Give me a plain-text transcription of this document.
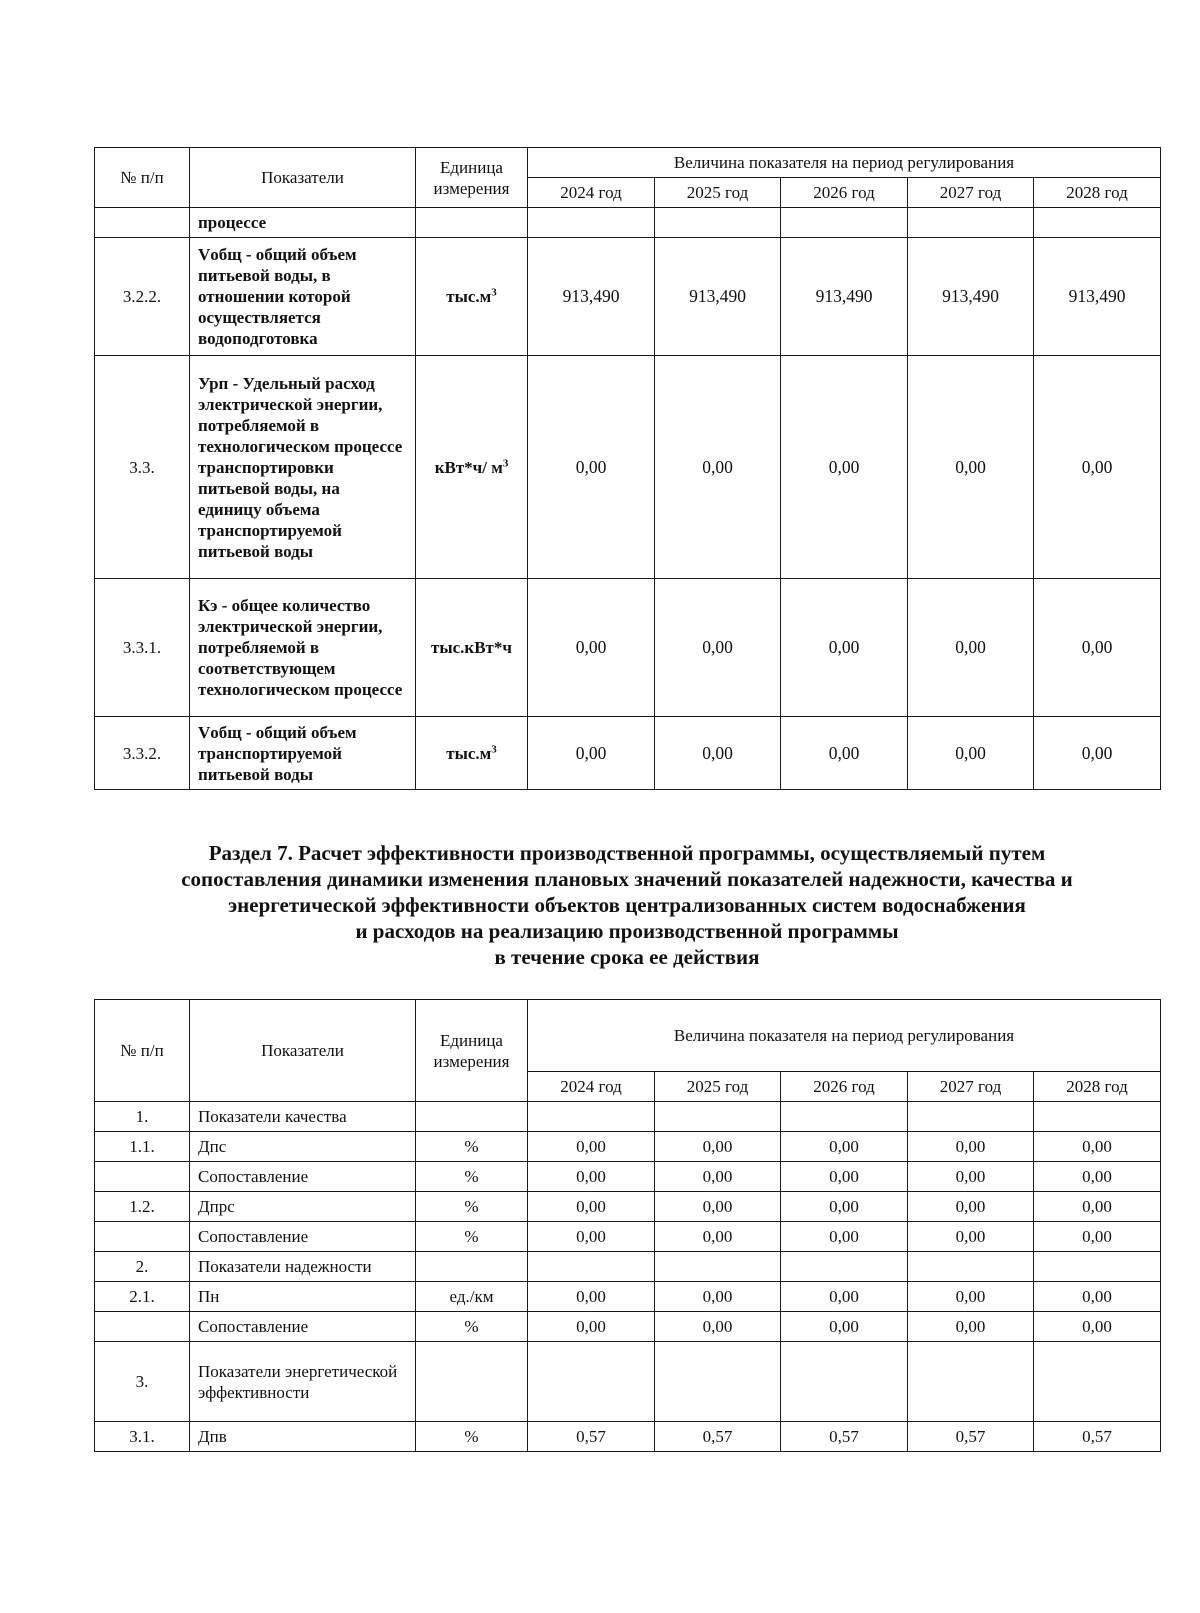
№ п/п	Показатели	Единица
измерения	Величина показателя на период регулирования				
			2024 год	2025 год	2026 год	2027 год	2028 год
	процессе						
3.2.2.	Vобщ - общий объем питьевой воды, в отношении которой осуществляется водоподготовка	$тыс.м^3$	913,490	913,490	913,490	913,490	913,490
3.3.	Урп - Удельный расход электрической энергии, потребляемой в технологическом процессе транспортировки питьевой воды, на единицу объема транспортируемой питьевой воды	кВт*ч/ $м^3$	0,00	0,00	0,00	0,00	0,00
3.3.1.	Кэ - общее количество электрической энергии, потребляемой в соответствующем технологическом процессе	тыс.кВт*ч	0,00	0,00	0,00	0,00	0,00
3.3.2.	Vобщ - общий объем транспортируемой питьевой воды	$тыс.м^3$	0,00	0,00	0,00	0,00	0,00
Раздел 7. Расчет эффективности производственной программы, осуществляемый путем
сопоставления динамики изменения плановых значений показателей надежности, качества и
энергетической эффективности объектов централизованных систем водоснабжения
и расходов на реализацию производственной программы
в течение срока ее действия
№ п/п	Показатели	Единица
измерения	Величина показателя на период регулирования				
			2024 год	2025 год	2026 год	2027 год	2028 год
1.	Показатели качества						
1.1.	Дпс	%	0,00	0,00	0,00	0,00	0,00
	Сопоставление	%	0,00	0,00	0,00	0,00	0,00
1.2.	Дпрс	%	0,00	0,00	0,00	0,00	0,00
	Сопоставление	%	0,00	0,00	0,00	0,00	0,00
2.	Показатели надежности						
2.1.	Пн	ед./км	0,00	0,00	0,00	0,00	0,00
	Сопоставление	%	0,00	0,00	0,00	0,00	0,00
3.	Показатели энергетической эффективности						
3.1.	Дпв	%	0,57	0,57	0,57	0,57	0,57
